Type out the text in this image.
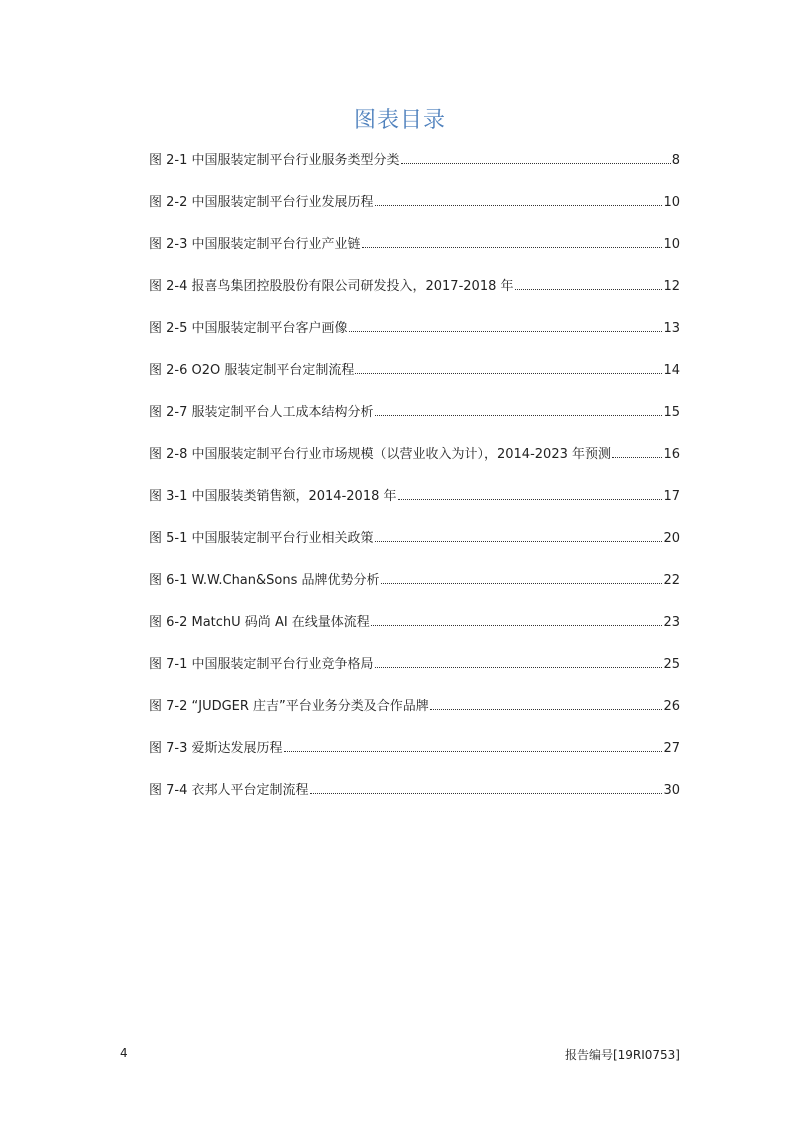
图表目录
图 2-1 中国服装定制平台行业服务类型分类	8
图 2-2 中国服装定制平台行业发展历程	10
图 2-3 中国服装定制平台行业产业链	10
图 2-4 报喜鸟集团控股股份有限公司研发投入，2017-2018 年	12
图 2-5 中国服装定制平台客户画像	13
图 2-6 O2O 服装定制平台定制流程	14
图 2-7 服装定制平台人工成本结构分析	15
图 2-8 中国服装定制平台行业市场规模（以营业收入为计），2014-2023 年预测	16
图 3-1 中国服装类销售额，2014-2018 年	17
图 5-1 中国服装定制平台行业相关政策	20
图 6-1 W.W.Chan&Sons 品牌优势分析	22
图 6-2 MatchU 码尚 AI 在线量体流程	23
图 7-1 中国服装定制平台行业竞争格局	25
图 7-2 “JUDGER 庄吉”平台业务分类及合作品牌	26
图 7-3 爱斯达发展历程	27
图 7-4 衣邦人平台定制流程	30
4	报告编号[19RI0753]
